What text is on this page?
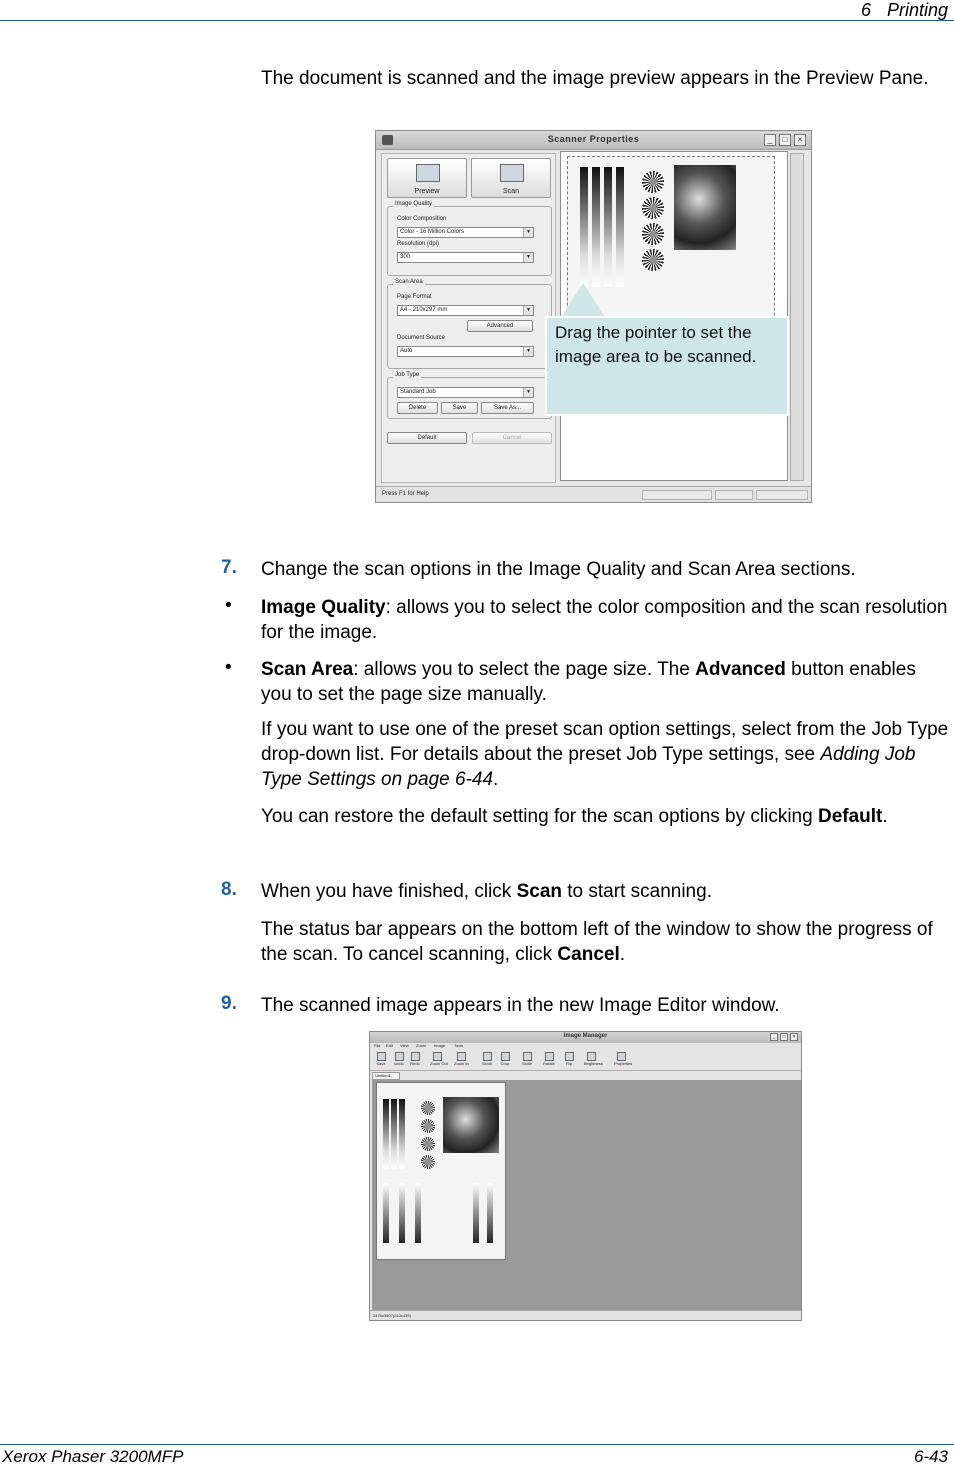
6 Printing
The document is scanned and the image preview appears in the Preview Pane.
Scanner Properties	_	□	×
Preview	Scan
Image Quality
Color Composition
Color - 16 Million Colors	▼
Resolution (dpi)
300	▼
Scan Area
Page Format
A4 - 210x297 mm	▼
Advanced
Document Source
Auto	▼
Job Type
Standard Job	▼
Delete	Save	Save As...
Default	Cancel
Press F1 for Help
Drag the pointer to set the image area to be scanned.
7. Change the scan options in the Image Quality and Scan Area sections.
• Image Quality: allows you to select the color composition and the scan resolution for the image.
• Scan Area: allows you to select the page size. The Advanced button enables you to set the page size manually.
If you want to use one of the preset scan option settings, select from the Job Type drop-down list. For details about the preset Job Type settings, see Adding Job Type Settings on page 6-44.
You can restore the default setting for the scan options by clicking Default.
8. When you have finished, click Scan to start scanning.
The status bar appears on the bottom left of the window to show the progress of the scan. To cancel scanning, click Cancel.
9. The scanned image appears in the new Image Editor window.
Image Manager	_	□	×
File Edit View Zoom Image Tools
Save	Undo	Redo	Zoom Out Zoom In	Scroll	Crop	Scale	Rotate	Flip	Brightness	Properties
Untitled1
2476x3507(210x439)
Xerox Phaser 3200MFP	6-43
